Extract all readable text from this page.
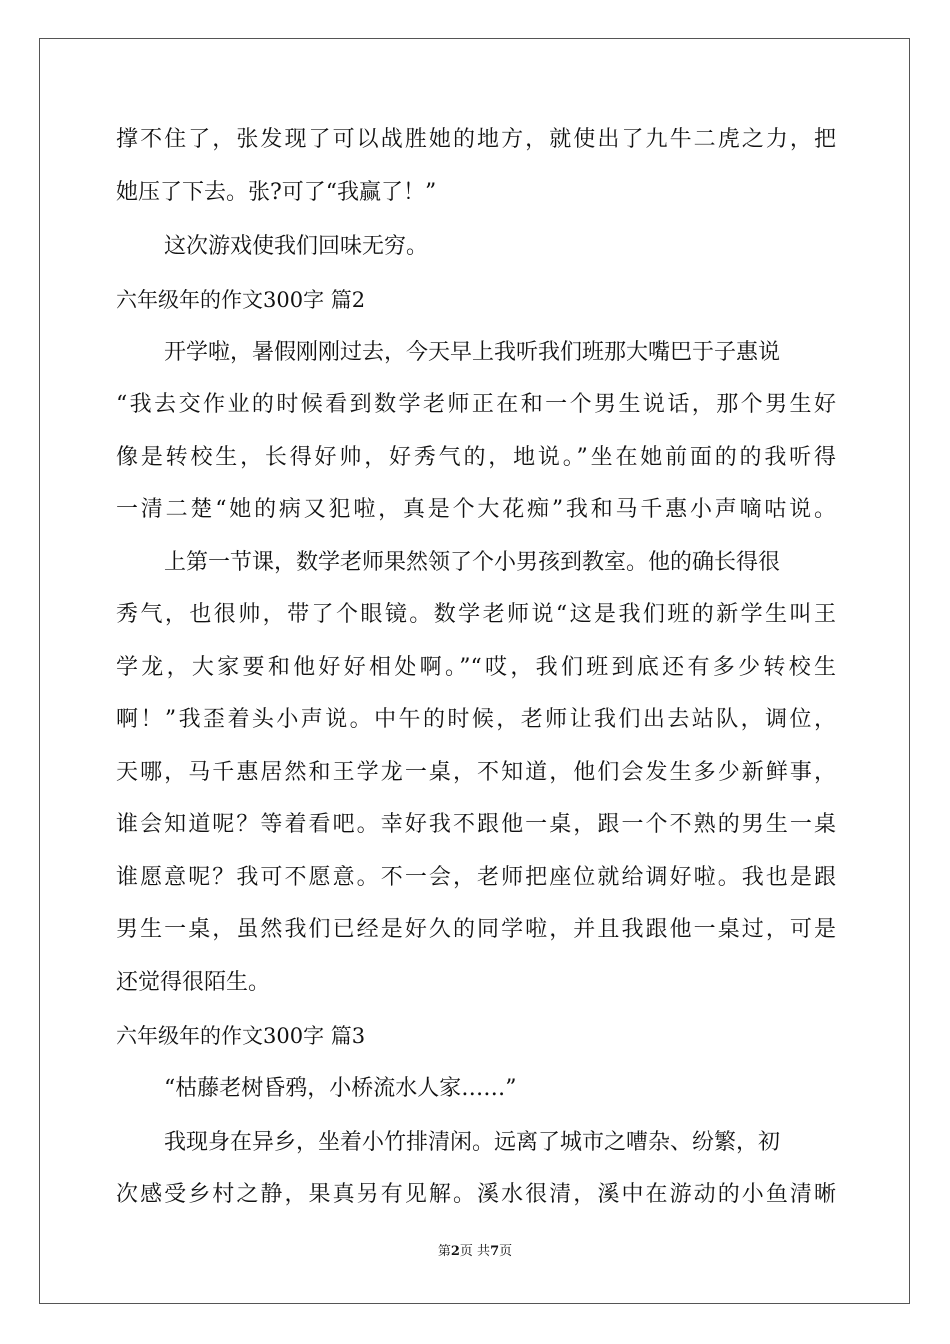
撑不住了，张发现了可以战胜她的地方，就使出了九牛二虎之力，把
她压了下去。张?可了“我赢了！”
这次游戏使我们回味无穷。
六年级年的作文300字 篇2
开学啦，暑假刚刚过去，今天早上我听我们班那大嘴巴于子惠说
“我去交作业的时候看到数学老师正在和一个男生说话，那个男生好
像是转校生，长得好帅，好秀气的，地说。”坐在她前面的的我听得
一清二楚“她的病又犯啦，真是个大花痴”我和马千惠小声嘀咕说。
上第一节课，数学老师果然领了个小男孩到教室。他的确长得很
秀气，也很帅，带了个眼镜。数学老师说“这是我们班的新学生叫王
学龙，大家要和他好好相处啊。”“哎，我们班到底还有多少转校生
啊！”我歪着头小声说。中午的时候，老师让我们出去站队，调位，
天哪，马千惠居然和王学龙一桌，不知道，他们会发生多少新鲜事，
谁会知道呢？等着看吧。幸好我不跟他一桌，跟一个不熟的男生一桌
谁愿意呢？我可不愿意。不一会，老师把座位就给调好啦。我也是跟
男生一桌，虽然我们已经是好久的同学啦，并且我跟他一桌过，可是
还觉得很陌生。
六年级年的作文300字 篇3
“枯藤老树昏鸦，小桥流水人家……”
我现身在异乡，坐着小竹排清闲。远离了城市之嘈杂、纷繁，初
次感受乡村之静，果真另有见解。溪水很清，溪中在游动的小鱼清晰
第2页 共7页
